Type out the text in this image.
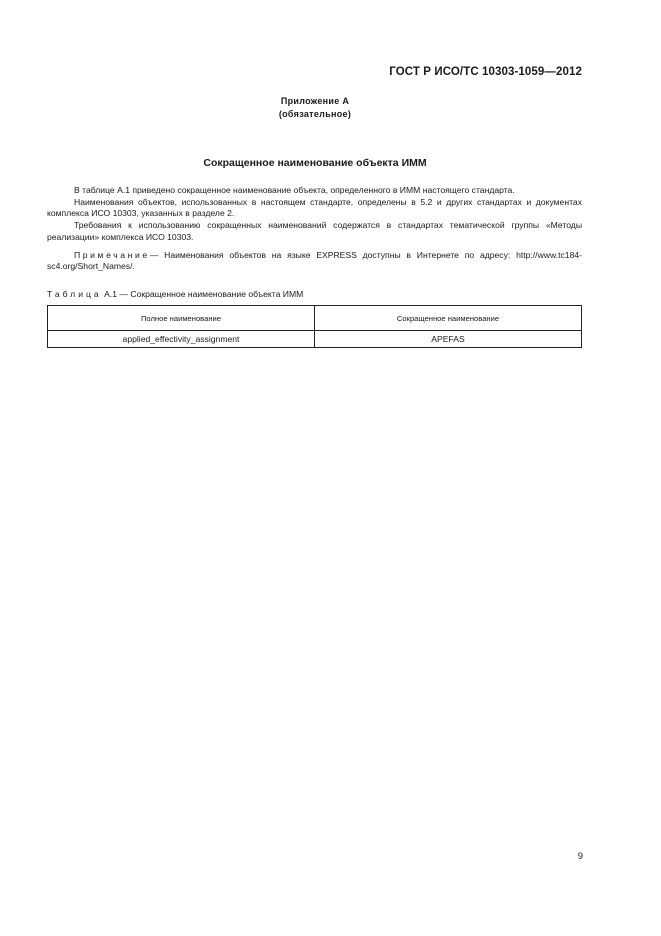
ГОСТ Р ИСО/ТС 10303-1059—2012
Приложение А
(обязательное)
Сокращенное наименование объекта ИММ

В таблице А.1 приведено сокращенное наименование объекта, определенного в ИММ настоящего стандарта.

Наименования объектов, использованных в настоящем стандарте, определены в 5.2 и других стандартах и документах комплекса ИСО 10303, указанных в разделе 2.

Требования к использованию сокращенных наименований содержатся в стандартах тематической группы «Методы реализации» комплекса ИСО 10303.

Примечание— Наименования объектов на языке EXPRESS доступны в Интернете по адресу: http://www.tc184-sc4.org/Short_Names/.

Таблица А.1 — Сокращенное наименование объекта ИММ
Полное наименование	Сокращенное наименование
applied_effectivity_assignment	APEFAS
9
